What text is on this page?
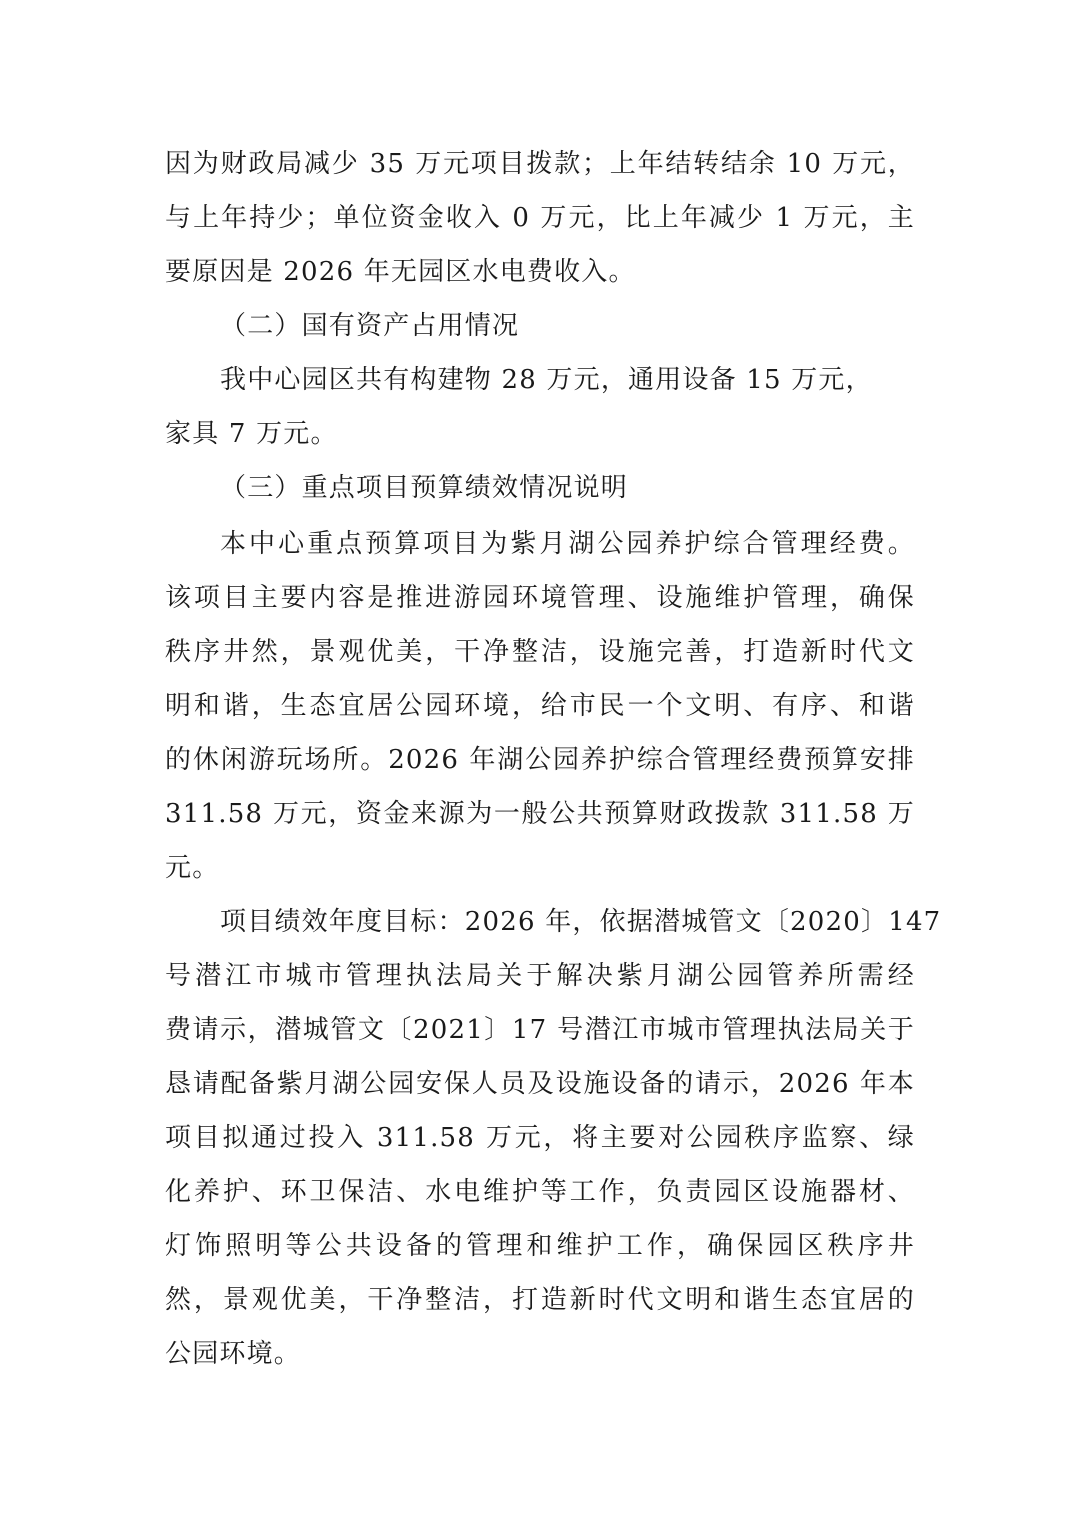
因为财政局减少 35 万元项目拨款；上年结转结余 10 万元，
与上年持少；单位资金收入 0 万元，比上年减少 1 万元，主
要原因是 2026 年无园区水电费收入。
（二）国有资产占用情况
我中心园区共有构建物 28 万元，通用设备 15 万元，
家具 7 万元。
（三）重点项目预算绩效情况说明
本中心重点预算项目为紫月湖公园养护综合管理经费。
该项目主要内容是推进游园环境管理、设施维护管理，确保
秩序井然，景观优美，干净整洁，设施完善，打造新时代文
明和谐，生态宜居公园环境，给市民一个文明、有序、和谐
的休闲游玩场所。2026 年湖公园养护综合管理经费预算安排
311.58 万元，资金来源为一般公共预算财政拨款 311.58 万
元。
项目绩效年度目标：2026 年，依据潜城管文〔2020〕147
号潜江市城市管理执法局关于解决紫月湖公园管养所需经
费请示，潜城管文〔2021〕17 号潜江市城市管理执法局关于
恳请配备紫月湖公园安保人员及设施设备的请示，2026 年本
项目拟通过投入 311.58 万元，将主要对公园秩序监察、绿
化养护、环卫保洁、水电维护等工作，负责园区设施器材、
灯饰照明等公共设备的管理和维护工作，确保园区秩序井
然，景观优美，干净整洁，打造新时代文明和谐生态宜居的
公园环境。
